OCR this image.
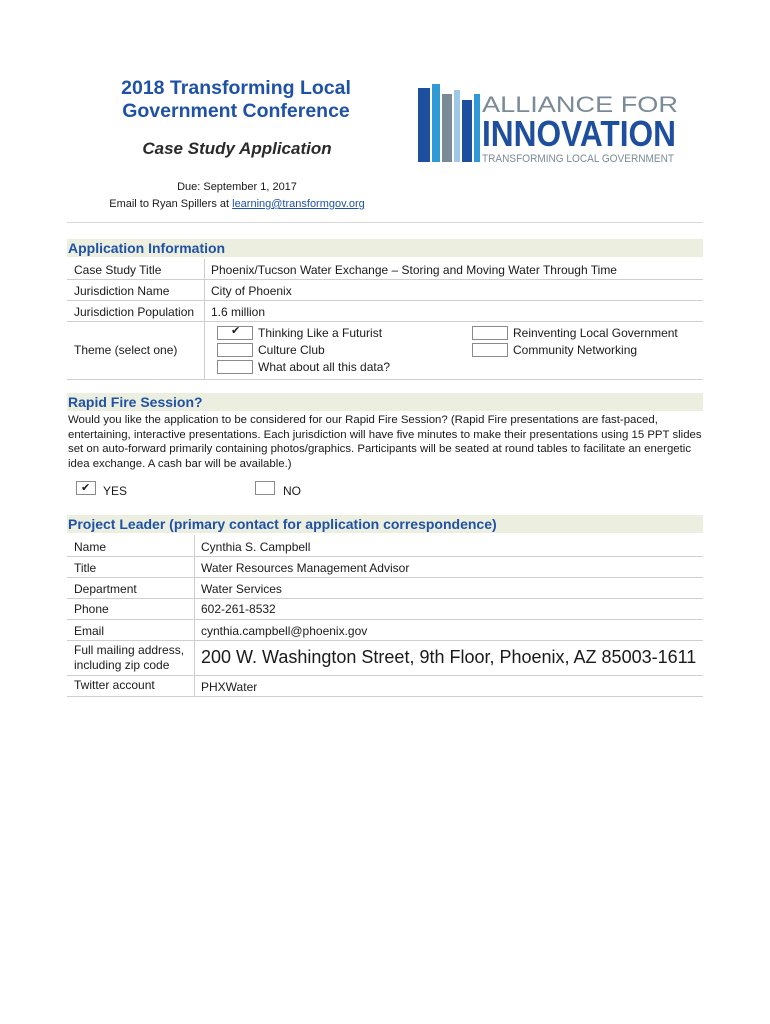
2018 Transforming Local Government Conference
Case Study Application
Due: September 1, 2017
Email to Ryan Spillers at learning@transformgov.org
ALLIANCE FOR
INNOVATION
TRANSFORMING LOCAL GOVERNMENT
Application Information
Case Study Title	Phoenix/Tucson Water Exchange – Storing and Moving Water Through Time
Jurisdiction Name	City of Phoenix
Jurisdiction Population 1.6 million
Theme (select one)
✔ Thinking Like a Futurist
Culture Club
What about all this data?
Reinventing Local Government
Community Networking
Rapid Fire Session?

Would you like the application to be considered for our Rapid Fire Session? (Rapid Fire presentations are fast-paced, entertaining, interactive presentations. Each jurisdiction will have five minutes to make their presentations using 15 PPT slides set on auto-forward primarily containing photos/graphics. Participants will be seated at round tables to facilitate an energetic idea exchange. A cash bar will be available.)

✔ YES	NO
Project Leader (primary contact for application correspondence)
Name	Cynthia S. Campbell
Title	Water Resources Management Advisor
Department	Water Services
Phone	602-261-8532
Email	cynthia.campbell@phoenix.gov
Full mailing address,
including zip code 200 W. Washington Street, 9th Floor, Phoenix, AZ 85003-1611
Twitter account	PHXWater
